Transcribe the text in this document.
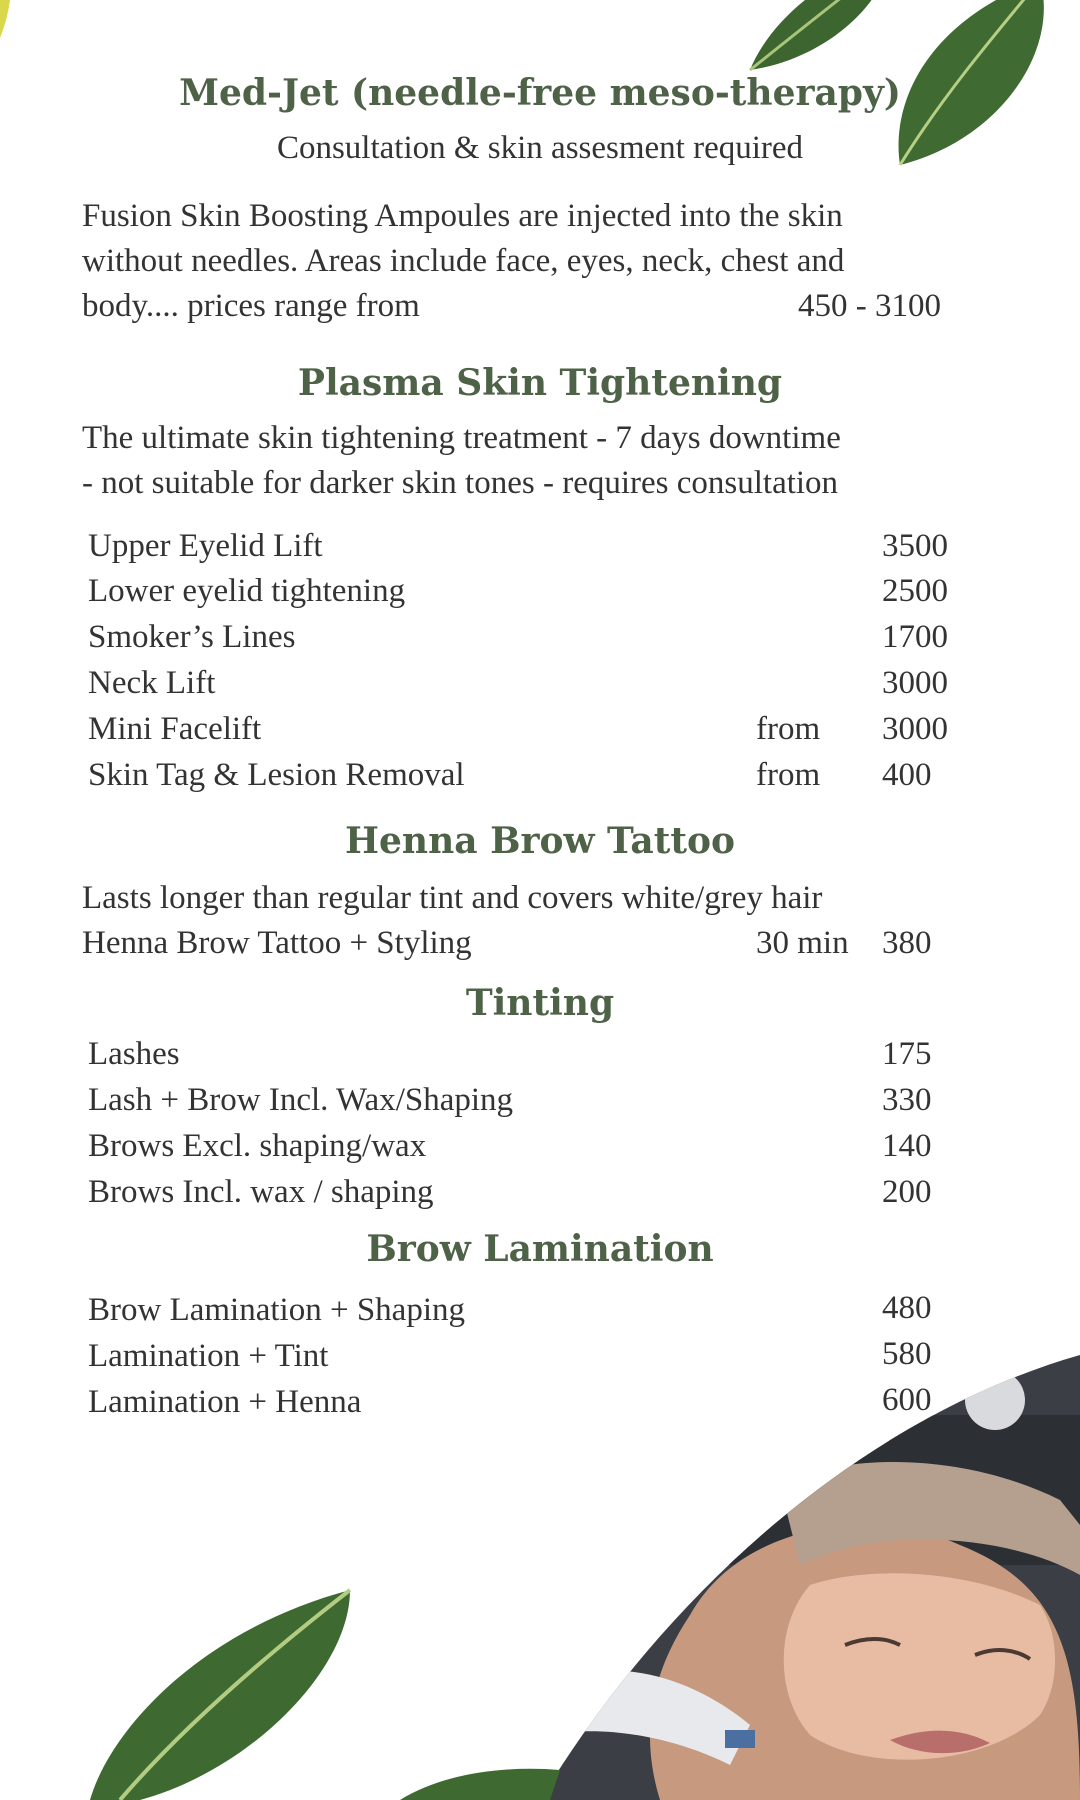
Med-Jet (needle-free meso-therapy)
Consultation & skin assesment required
Fusion Skin Boosting Ampoules are injected into the skin
without needles. Areas include face, eyes, neck, chest and
body.... prices range from	450 - 3100
Plasma Skin Tightening
The ultimate skin tightening treatment - 7 days downtime
- not suitable for darker skin tones - requires consultation
Upper Eyelid Lift	3500
Lower eyelid tightening	2500
Smoker’s Lines	1700
Neck Lift	3000
Mini Facelift	from 3000
Skin Tag & Lesion Removal	from 400
Henna Brow Tattoo
Lasts longer than regular tint and covers white/grey hair
Henna Brow Tattoo + Styling	30 min 380
Tinting
Lashes	175
Lash + Brow Incl. Wax/Shaping	330
Brows Excl. shaping/wax	140
Brows Incl. wax / shaping	200
Brow Lamination
Brow Lamination + Shaping	480
Lamination + Tint	580
Lamination + Henna	600
